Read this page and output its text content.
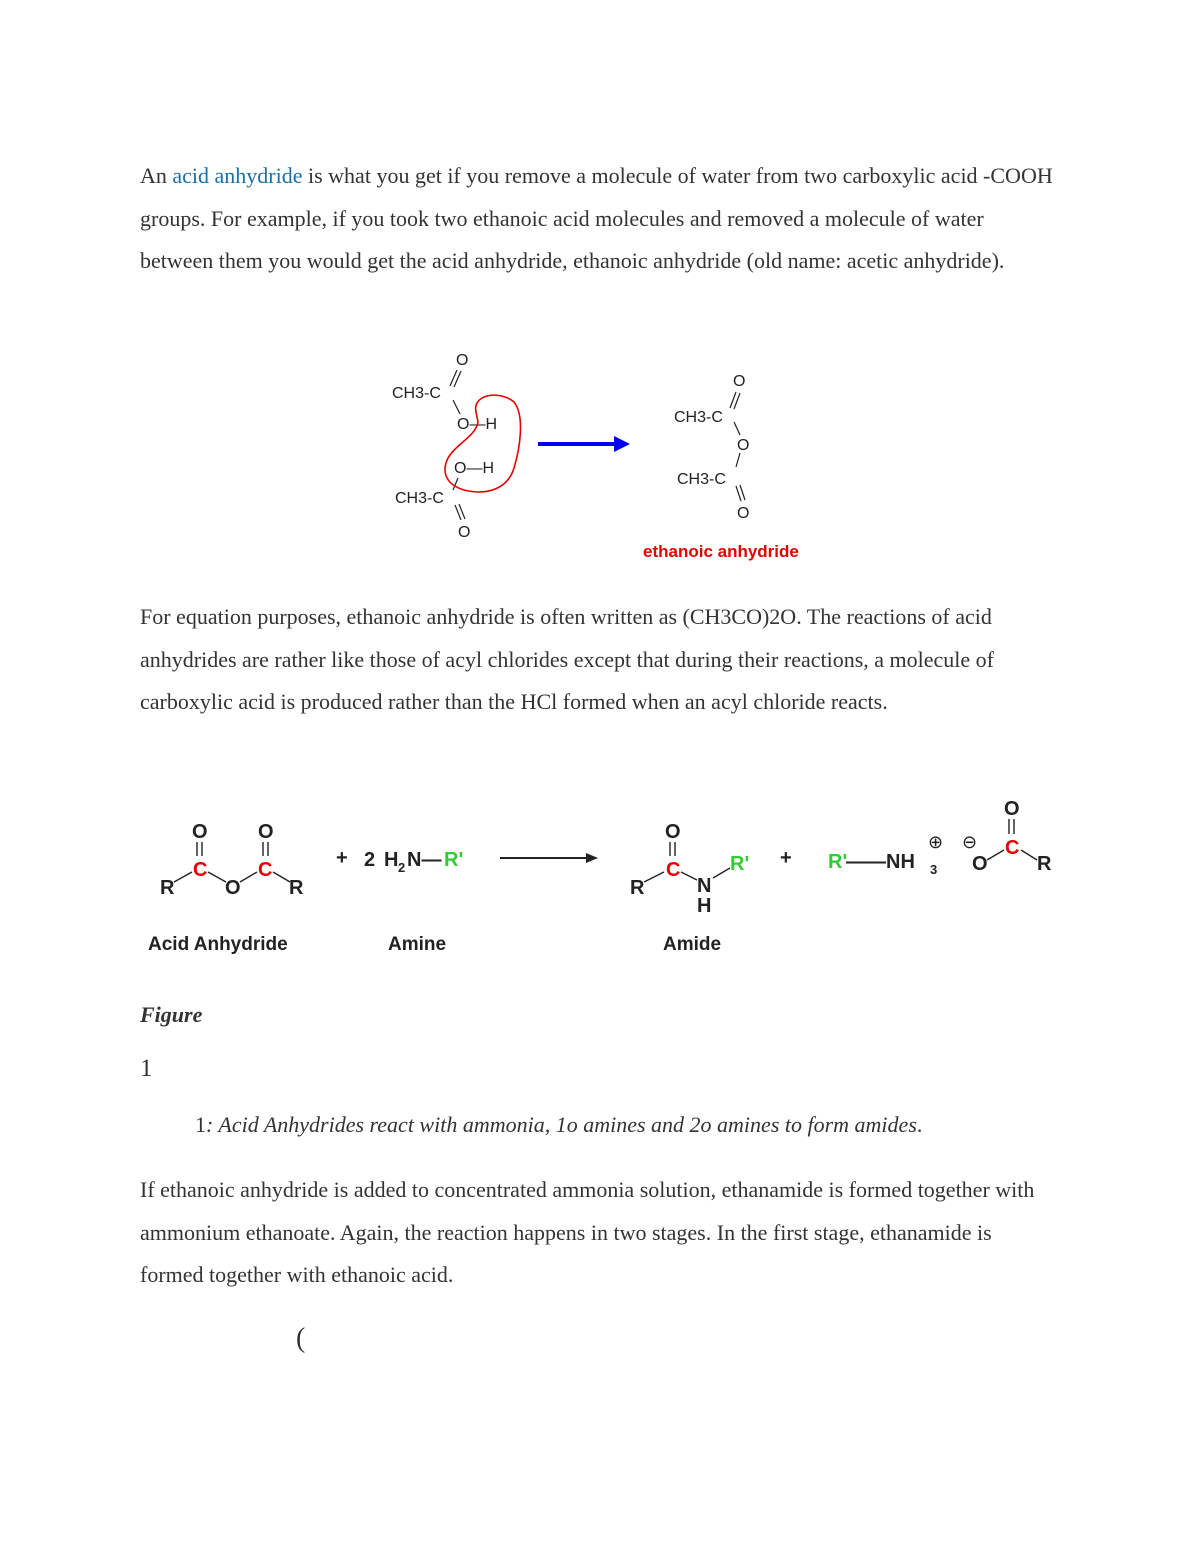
An acid anhydride is what you get if you remove a molecule of water from two carboxylic acid -COOH groups. For example, if you took two ethanoic acid molecules and removed a molecule of water between them you would get the acid anhydride, ethanoic anhydride (old name: acetic anhydride).

O
CH3-C
O—H
O—H
CH3-C
O
O
CH3-C
O
CH3-C
O
ethanoic anhydride

For equation purposes, ethanoic anhydride is often written as (CH3CO)2O. The reactions of acid anhydrides are rather like those of acyl chlorides except that during their reactions, a molecule of carboxylic acid is produced rather than the HCl formed when an acyl chloride reacts.

O	O
C	C
R	O R
+ 2 H 2 N— R'
O
C
R	N
H
R' + R'
——NH 3
⊕ ⊖
O
C
O R
Acid Anhydride	Amine	Amide

Figure

1

1: Acid Anhydrides react with ammonia, 1o amines and 2o amines to form amides.

If ethanoic anhydride is added to concentrated ammonia solution, ethanamide is formed together with ammonium ethanoate. Again, the reaction happens in two stages. In the first stage, ethanamide is formed together with ethanoic acid.

(
